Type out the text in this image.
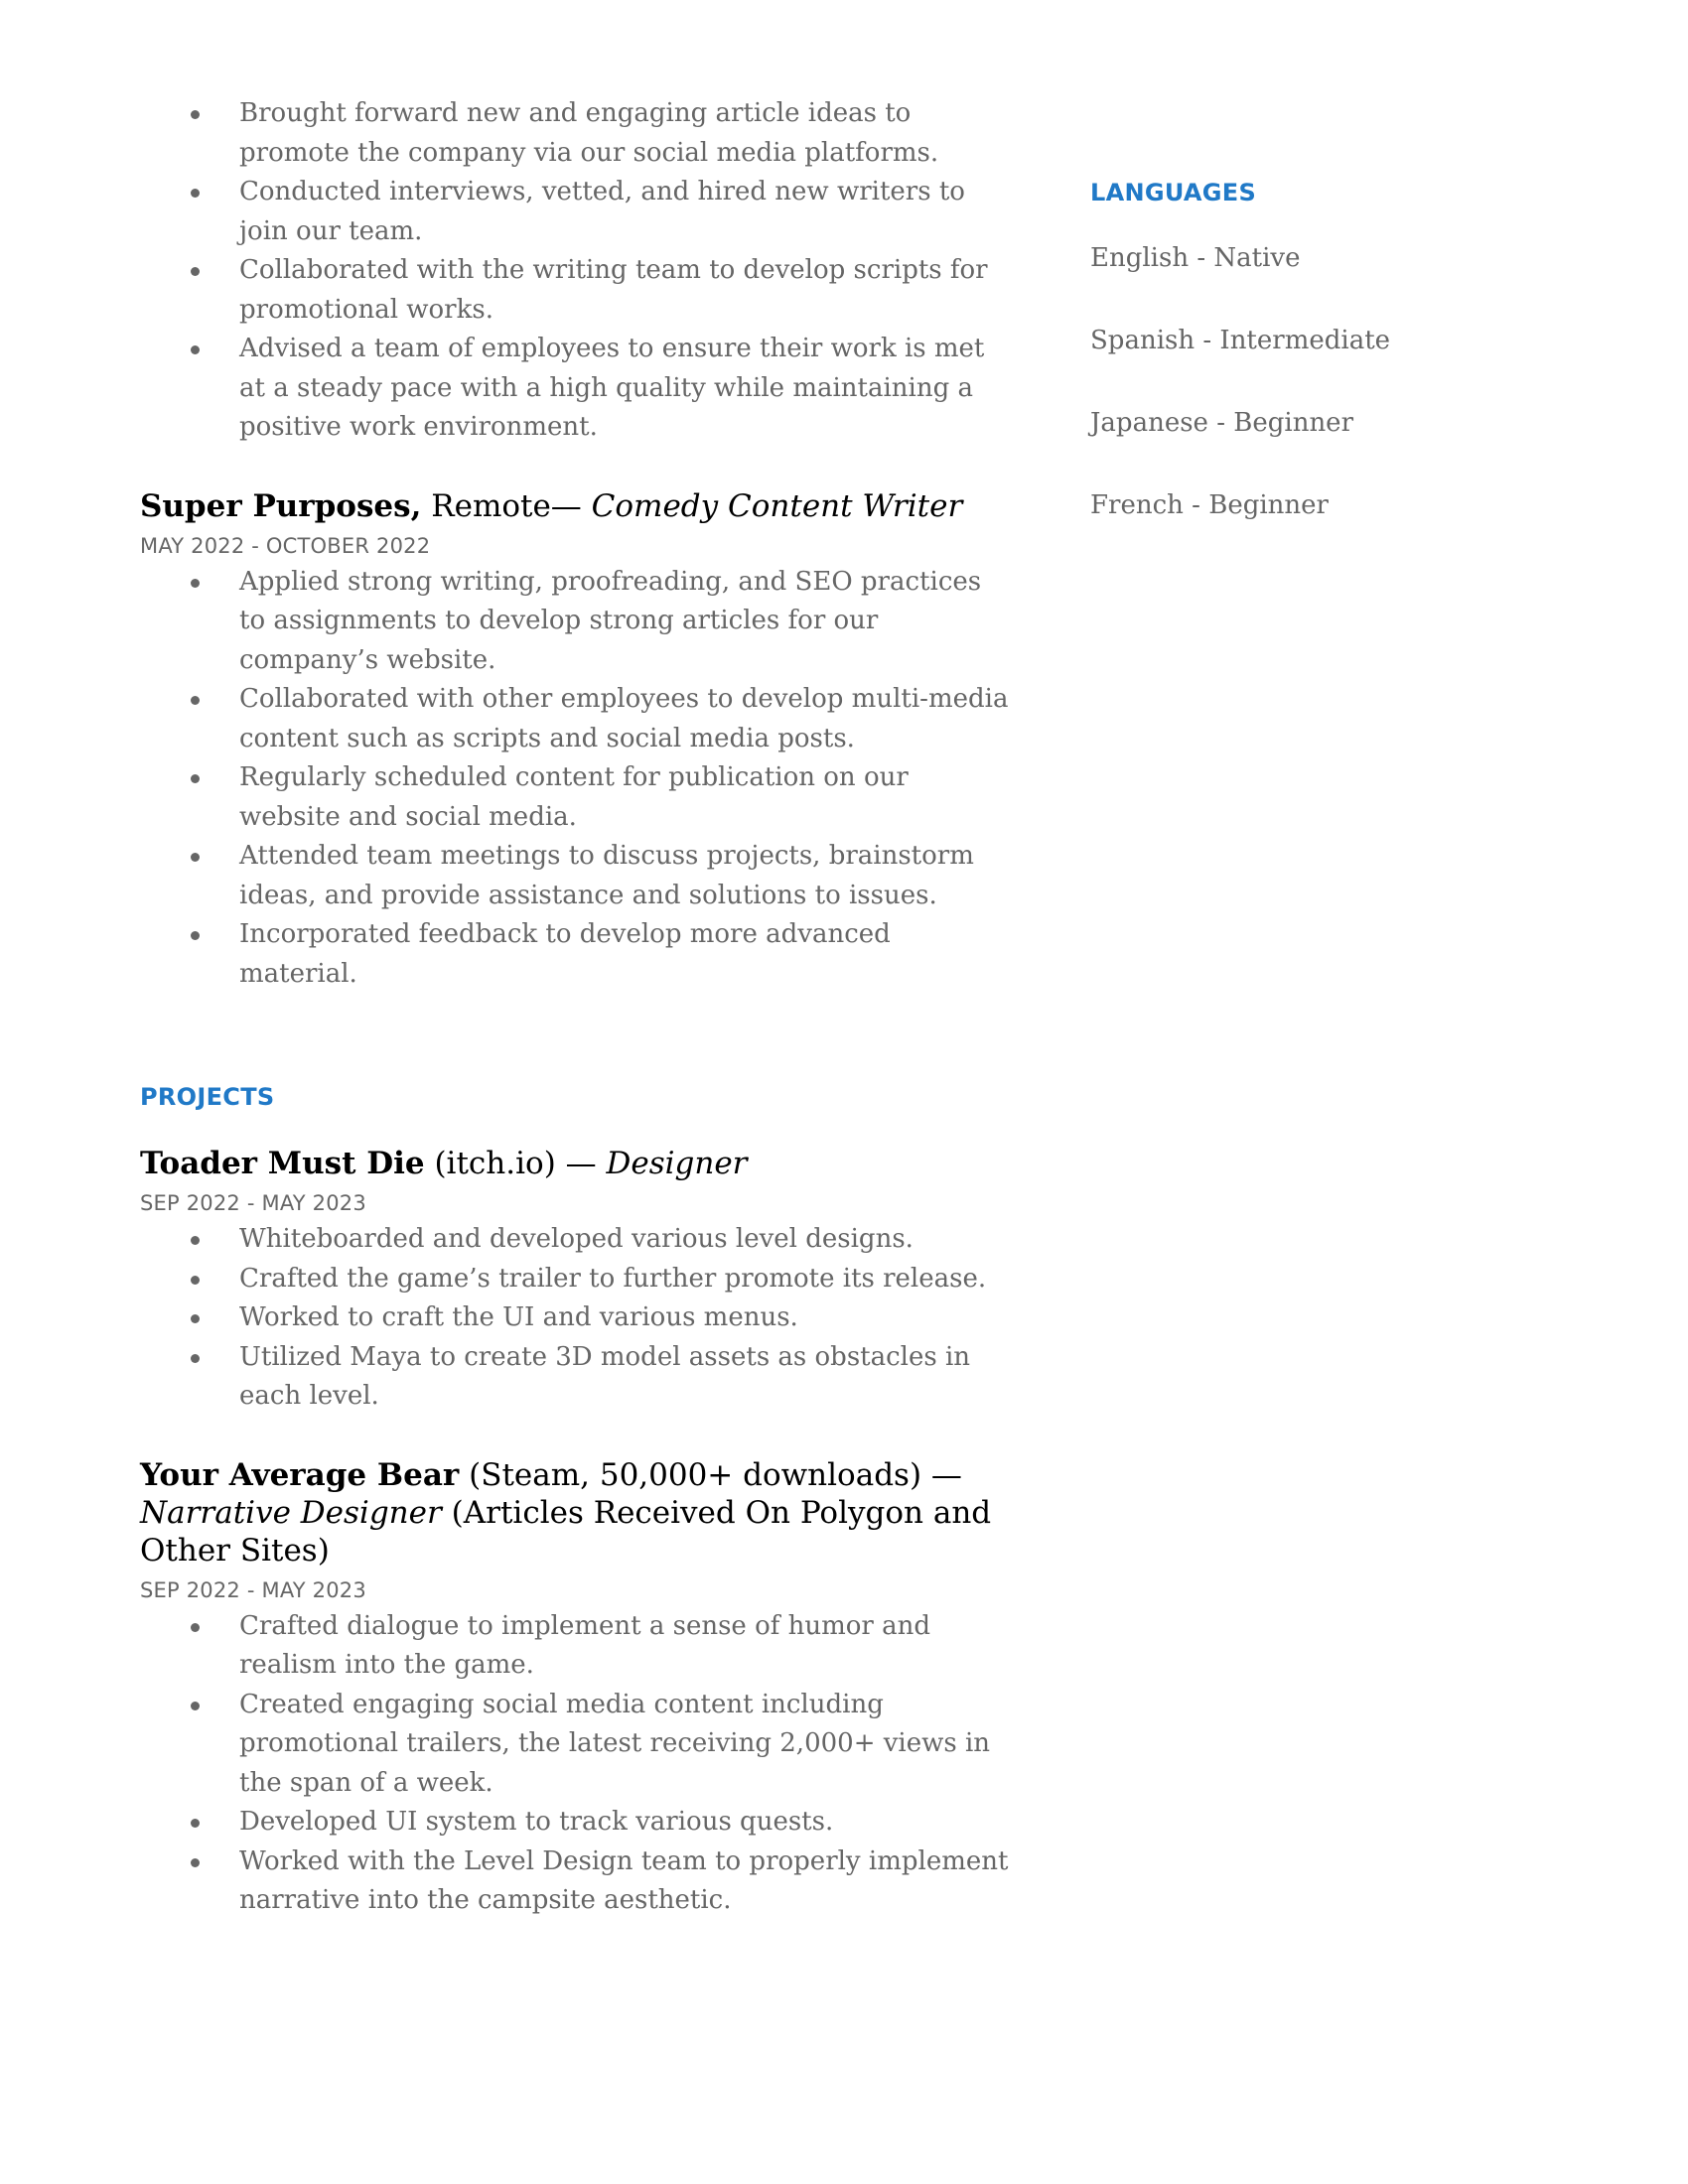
Brought forward new and engaging article ideas to promote the company via our social media platforms.
Conducted interviews, vetted, and hired new writers to join our team.
Collaborated with the writing team to develop scripts for promotional works.
Advised a team of employees to ensure their work is met at a steady pace with a high quality while maintaining a positive work environment.
Super Purposes, Remote— Comedy Content Writer
MAY 2022 - OCTOBER 2022
Applied strong writing, proofreading, and SEO practices to assignments to develop strong articles for our company’s website.
Collaborated with other employees to develop multi-media content such as scripts and social media posts.
Regularly scheduled content for publication on our website and social media.
Attended team meetings to discuss projects, brainstorm ideas, and provide assistance and solutions to issues.
Incorporated feedback to develop more advanced material.
PROJECTS
Toader Must Die (itch.io) — Designer
SEP 2022 - MAY 2023
Whiteboarded and developed various level designs.
Crafted the game’s trailer to further promote its release.
Worked to craft the UI and various menus.
Utilized Maya to create 3D model assets as obstacles in each level.
Your Average Bear (Steam, 50,000+ downloads) — Narrative Designer (Articles Received On Polygon and Other Sites)
SEP 2022 - MAY 2023
Crafted dialogue to implement a sense of humor and realism into the game.
Created engaging social media content including promotional trailers, the latest receiving 2,000+ views in the span of a week.
Developed UI system to track various quests.
Worked with the Level Design team to properly implement narrative into the campsite aesthetic.
LANGUAGES

English - Native

Spanish - Intermediate

Japanese - Beginner

French - Beginner
